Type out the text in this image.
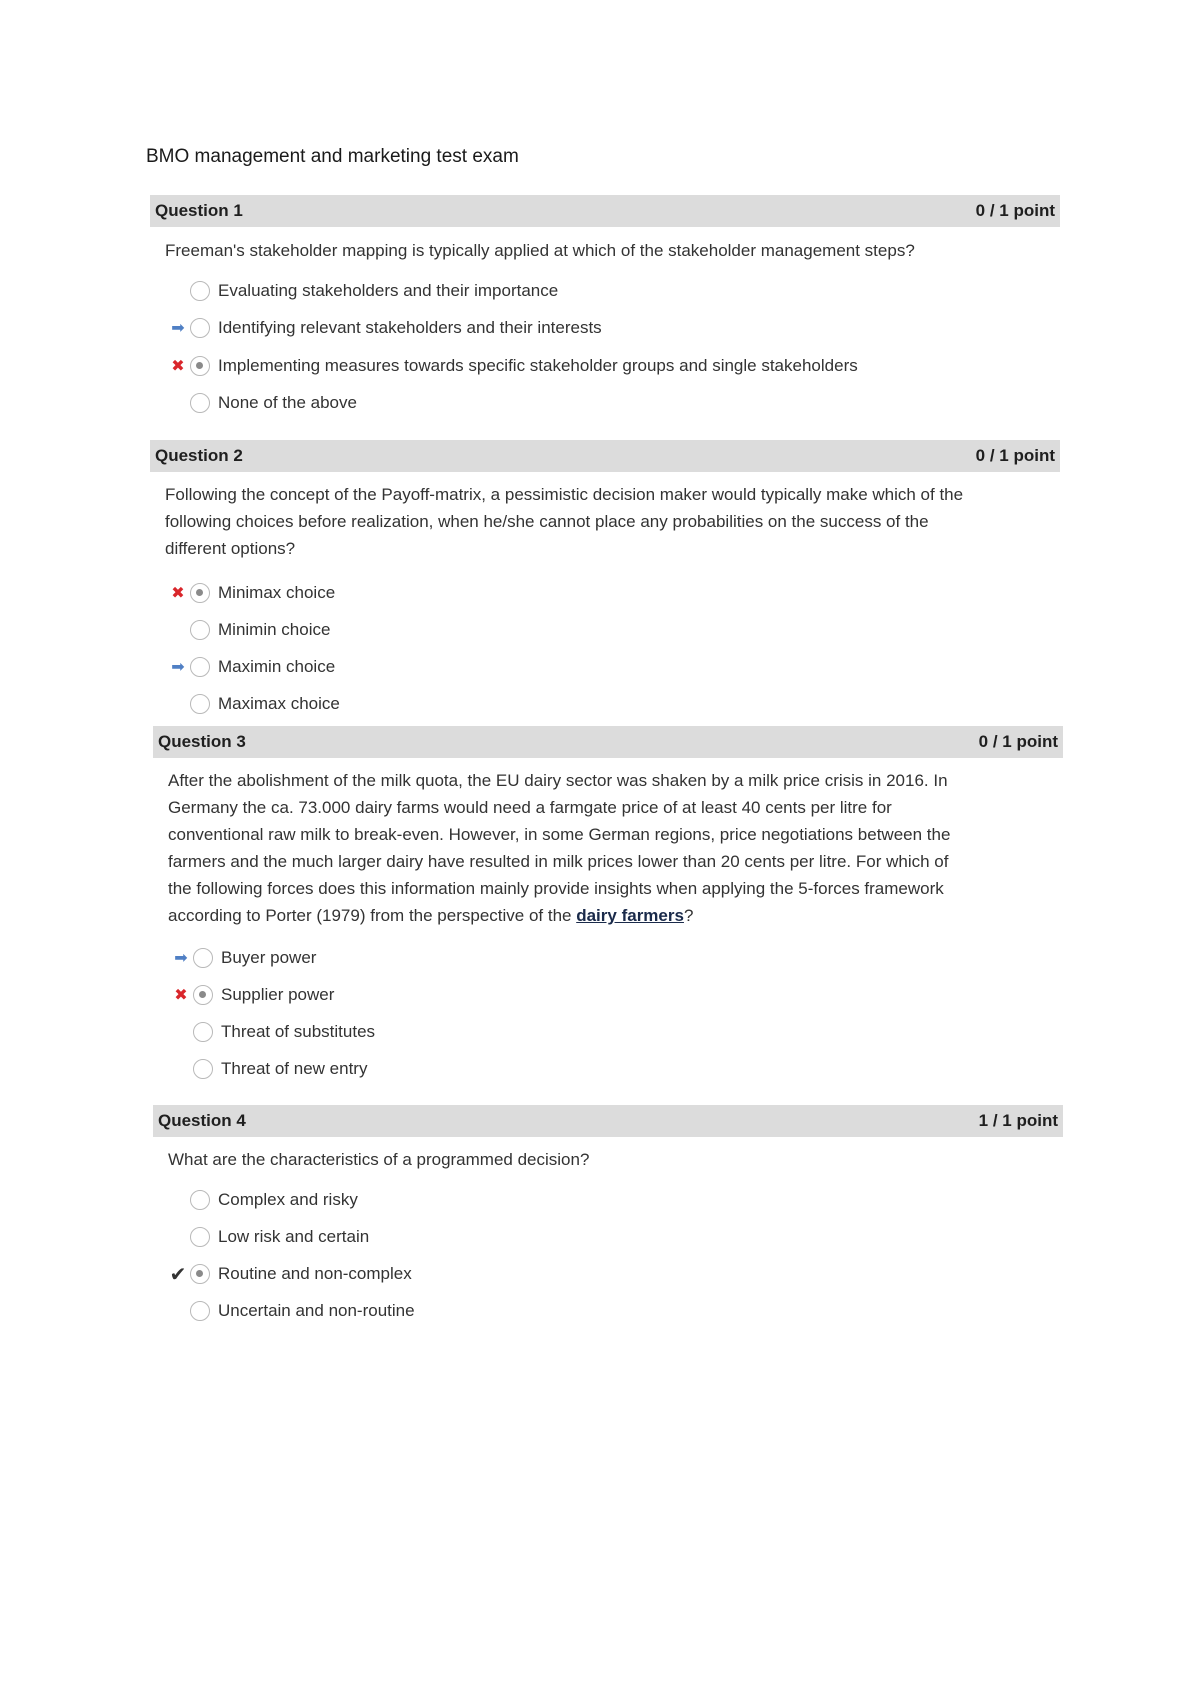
BMO management and marketing test exam
Question 1	0 / 1 point
Freeman's stakeholder mapping is typically applied at which of the stakeholder management steps?
Evaluating stakeholders and their importance
➡	Identifying relevant stakeholders and their interests
✖	Implementing measures towards specific stakeholder groups and single stakeholders
None of the above
Question 2	0 / 1 point
Following the concept of the Payoff-matrix, a pessimistic decision maker would typically make which of the
following choices before realization, when he/she cannot place any probabilities on the success of the
different options?
✖	Minimax choice
Minimin choice
➡	Maximin choice
Maximax choice
Question 3	0 / 1 point
After the abolishment of the milk quota, the EU dairy sector was shaken by a milk price crisis in 2016. In
Germany the ca. 73.000 dairy farms would need a farmgate price of at least 40 cents per litre for
conventional raw milk to break-even. However, in some German regions, price negotiations between the
farmers and the much larger dairy have resulted in milk prices lower than 20 cents per litre. For which of
the following forces does this information mainly provide insights when applying the 5-forces framework
according to Porter (1979) from the perspective of the dairy farmers?
➡	Buyer power
✖	Supplier power
Threat of substitutes
Threat of new entry
Question 4	1 / 1 point
What are the characteristics of a programmed decision?
Complex and risky
Low risk and certain
✔ Routine and non-complex
Uncertain and non-routine
